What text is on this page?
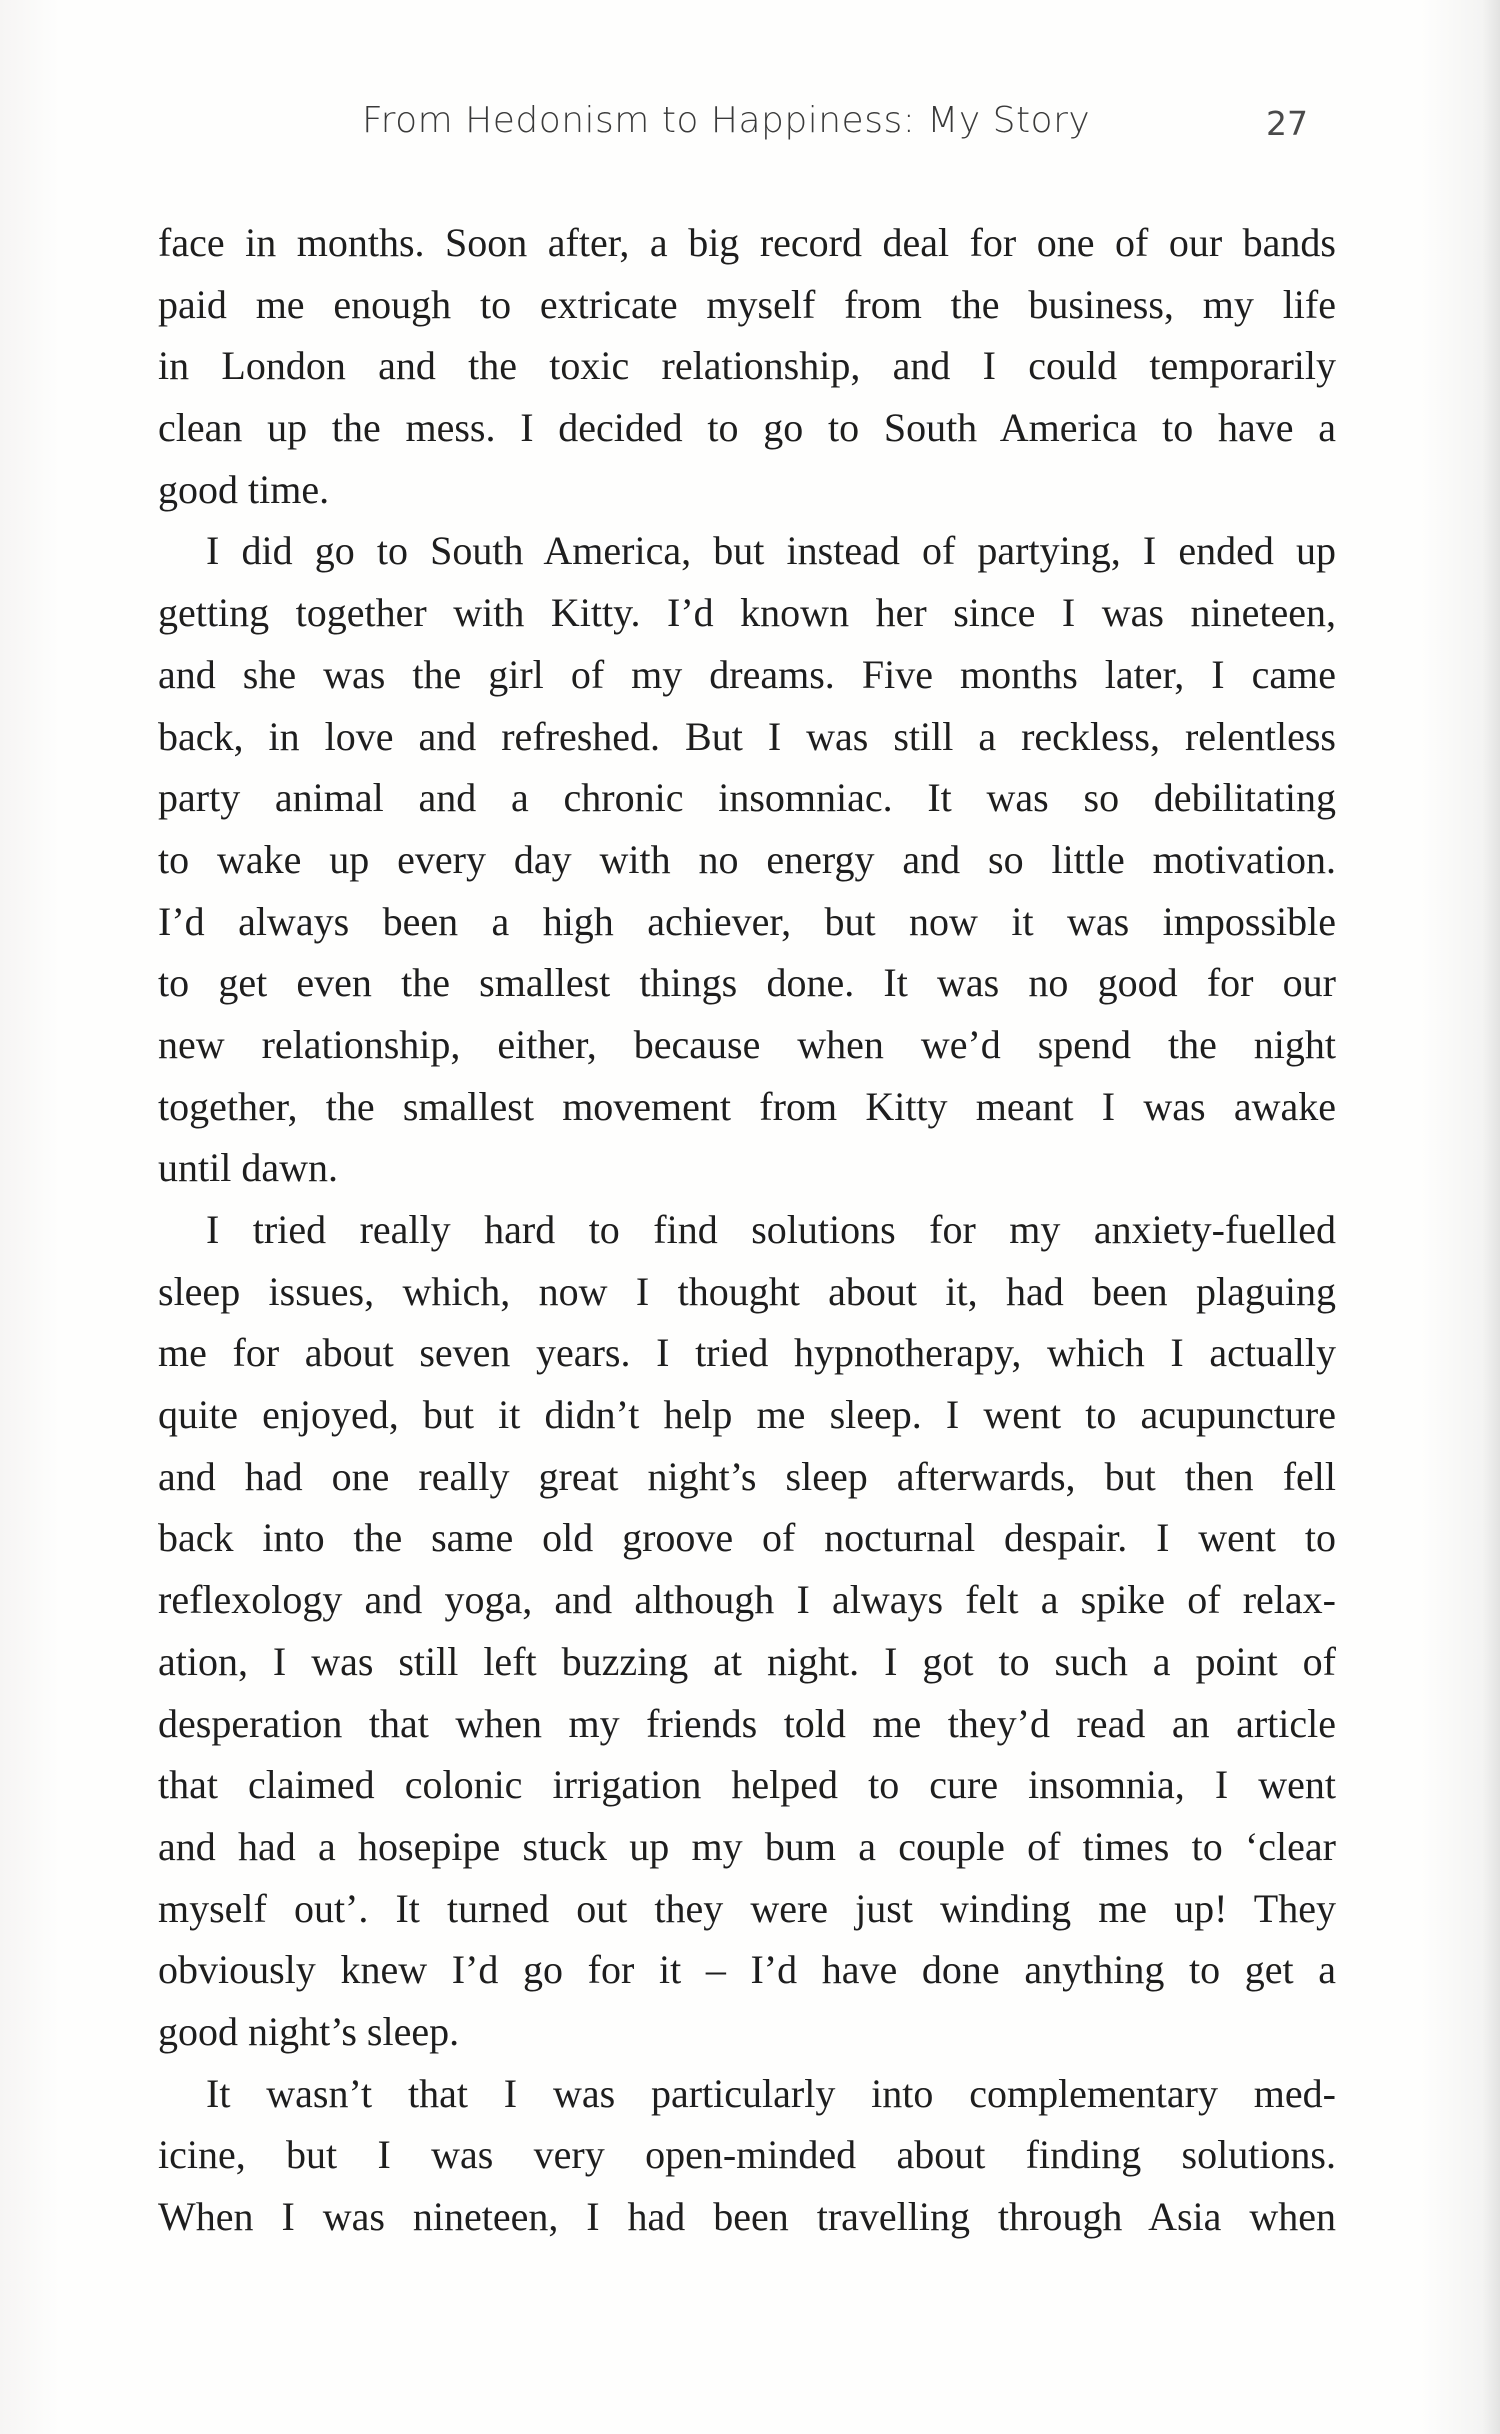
From Hedonism to Happiness: My Story	27
face in months. Soon after, a big record deal for one of our bands
paid me enough to extricate myself from the business, my life
in London and the toxic relationship, and I could temporarily
clean up the mess. I decided to go to South America to have a
good time.
I did go to South America, but instead of partying, I ended up
getting together with Kitty. I’d known her since I was nineteen,
and she was the girl of my dreams. Five months later, I came
back, in love and refreshed. But I was still a reckless, relentless
party animal and a chronic insomniac. It was so debilitating
to wake up every day with no energy and so little motivation.
I’d always been a high achiever, but now it was impossible
to get even the smallest things done. It was no good for our
new relationship, either, because when we’d spend the night
together, the smallest movement from Kitty meant I was awake
until dawn.
I tried really hard to find solutions for my anxiety-fuelled
sleep issues, which, now I thought about it, had been plaguing
me for about seven years. I tried hypnotherapy, which I actually
quite enjoyed, but it didn’t help me sleep. I went to acupuncture
and had one really great night’s sleep afterwards, but then fell
back into the same old groove of nocturnal despair. I went to
reflexology and yoga, and although I always felt a spike of relax-
ation, I was still left buzzing at night. I got to such a point of
desperation that when my friends told me they’d read an article
that claimed colonic irrigation helped to cure insomnia, I went
and had a hosepipe stuck up my bum a couple of times to ‘clear
myself out’. It turned out they were just winding me up! They
obviously knew I’d go for it – I’d have done anything to get a
good night’s sleep.
It wasn’t that I was particularly into complementary med-
icine, but I was very open-minded about finding solutions.
When I was nineteen, I had been travelling through Asia when
